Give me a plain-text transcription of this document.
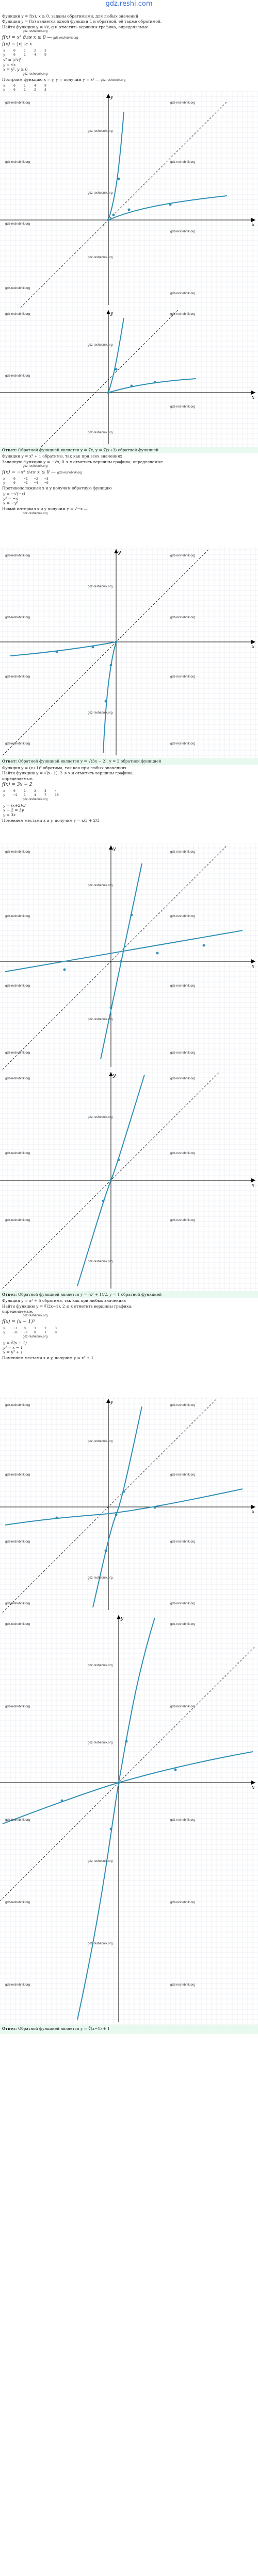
gdz.reshi.com

Функции y = f(x), x ≥ 0, заданы обратимыми, для любых значений

Функция y = f(x) является одной функции f, и обратной, её также обратимой.

Найти функцию y = √x, g и отметить вершины графика, определяемые.

gdz-reshebnik.org

f(x) = x² для x ≥ 0 — gdz-reshebnik.org

f(x) = |x| ≥ x

x 0 1 2 3
y 0 1 4 9
x² = |√x|²
y = √x
x = y², y ≥ 0
gdz-reshebnik.org

Построим функцию x = y, у = получим y = x² — gdz-reshebnik.org

x 0 1 4 9
y 0 1 2 3
x
y
0
gdz-reshebnik.org	gdz-reshebnik.org
gdz-reshebnik.org
gdz-reshebnik.org	gdz-reshebnik.org
gdz-reshebnik.org
gdz-reshebnik.org
gdz-reshebnik.org
gdz-reshebnik.org
gdz-reshebnik.org
gdz-reshebnik.org
x
y
gdz-reshebnik.org	gdz-reshebnik.org
gdz-reshebnik.org
gdz-reshebnik.org
gdz-reshebnik.org
gdz-reshebnik.org

Ответ: Обратной функцией является y = ∛x, y = ∛(x+3) обратной функцией

Функции y = x³ + 1 обратимы, так как при всех значениях

Заданную функцию y = −√x, 0 ≤ x отметить вершины графика, определяемые

gdz-reshebnik.org

f(x) = −x² для x ≤ 0 — gdz-reshebnik.org

x 0 −1 −2 −3
y 0 −1 −4 −9

Противоположный x и y получим обратную функцию

y = −√(−x)
y² = −x
x = −y²

Новый интервал x и y получим y = √−x —

gdz-reshebnik.org
x
y
gdz-reshebnik.org	gdz-reshebnik.org
gdz-reshebnik.org
gdz-reshebnik.org	gdz-reshebnik.org
gdz-reshebnik.org	gdz-reshebnik.org
gdz-reshebnik.org
gdz-reshebnik.org	gdz-reshebnik.org

Ответ: Обратной функцией является y = √(3x − 2), y = 2 обратной функцией

Функция y = (x+1)² обратима, так как при любых значениях

Найти функцию y = √(x−1), 2 ≤ x и отметить вершины графика,

определяемые.

f(x) = 3x − 2

x 0 1 2 3 4
y −2 1 4 7 10
gdz-reshebnik.org
y = (x+2)/3
x − 2 = 3y
y = 3x

Поменяем местами x и y, получим y = x/3 + 2/3

x
y
gdz-reshebnik.org	gdz-reshebnik.org
gdz-reshebnik.org
gdz-reshebnik.org	gdz-reshebnik.org
gdz-reshebnik.org	gdz-reshebnik.org
gdz-reshebnik.org
gdz-reshebnik.org	gdz-reshebnik.org
x
y
gdz-reshebnik.org	gdz-reshebnik.org
gdz-reshebnik.org
gdz-reshebnik.org	gdz-reshebnik.org
gdz-reshebnik.org	gdz-reshebnik.org
gdz-reshebnik.org

Ответ: Обратной функцией является y = (x³ + 1)/2, y = 1 обратной функцией

Функция y = x³ + 5 обратима, так как при любых значениях

Найти функцию y = ∛(2x−1), 2 ≤ x отметить вершины графика,

определяемые.

gdz-reshebnik.org

f(x) = (x − 1)³

x −1 0 1 2 3
y −8 −1 0 1 8
gdz-reshebnik.org
y = ∛(x − 1)
y³ = x − 1
x = y³ + 1

Поменяем местами x и y, получим y = x³ + 1

x
y
gdz-reshebnik.org	gdz-reshebnik.org
gdz-reshebnik.org
gdz-reshebnik.org	gdz-reshebnik.org
gdz-reshebnik.org	gdz-reshebnik.org
gdz-reshebnik.org
gdz-reshebnik.org	gdz-reshebnik.org
x
y
gdz-reshebnik.org	gdz-reshebnik.org
gdz-reshebnik.org
gdz-reshebnik.org	gdz-reshebnik.org
gdz-reshebnik.org
gdz-reshebnik.org	gdz-reshebnik.org
gdz-reshebnik.org
gdz-reshebnik.org	gdz-reshebnik.org
gdz-reshebnik.org
gdz-reshebnik.org	gdz-reshebnik.org

Ответ: Обратной функцией является y = ∛(x−1) + 1
